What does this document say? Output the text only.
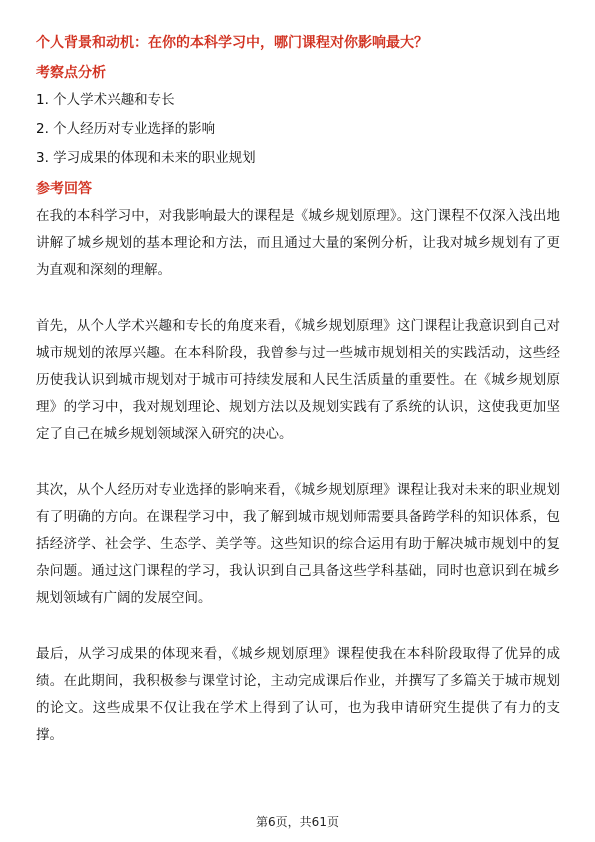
个人背景和动机：在你的本科学习中，哪门课程对你影响最大？
考察点分析
1. 个人学术兴趣和专长
2. 个人经历对专业选择的影响
3. 学习成果的体现和未来的职业规划
参考回答

在我的本科学习中，对我影响最大的课程是《城乡规划原理》。这门课程不仅深入浅出地讲解了城乡规划的基本理论和方法，而且通过大量的案例分析，让我对城乡规划有了更为直观和深刻的理解。

首先，从个人学术兴趣和专长的角度来看，《城乡规划原理》这门课程让我意识到自己对城市规划的浓厚兴趣。在本科阶段，我曾参与过一些城市规划相关的实践活动，这些经历使我认识到城市规划对于城市可持续发展和人民生活质量的重要性。在《城乡规划原理》的学习中，我对规划理论、规划方法以及规划实践有了系统的认识，这使我更加坚定了自己在城乡规划领域深入研究的决心。

其次，从个人经历对专业选择的影响来看，《城乡规划原理》课程让我对未来的职业规划有了明确的方向。在课程学习中，我了解到城市规划师需要具备跨学科的知识体系，包括经济学、社会学、生态学、美学等。这些知识的综合运用有助于解决城市规划中的复杂问题。通过这门课程的学习，我认识到自己具备这些学科基础，同时也意识到在城乡规划领域有广阔的发展空间。

最后，从学习成果的体现来看，《城乡规划原理》课程使我在本科阶段取得了优异的成绩。在此期间，我积极参与课堂讨论，主动完成课后作业，并撰写了多篇关于城市规划的论文。这些成果不仅让我在学术上得到了认可，也为我申请研究生提供了有力的支撑。

第6页，共61页
